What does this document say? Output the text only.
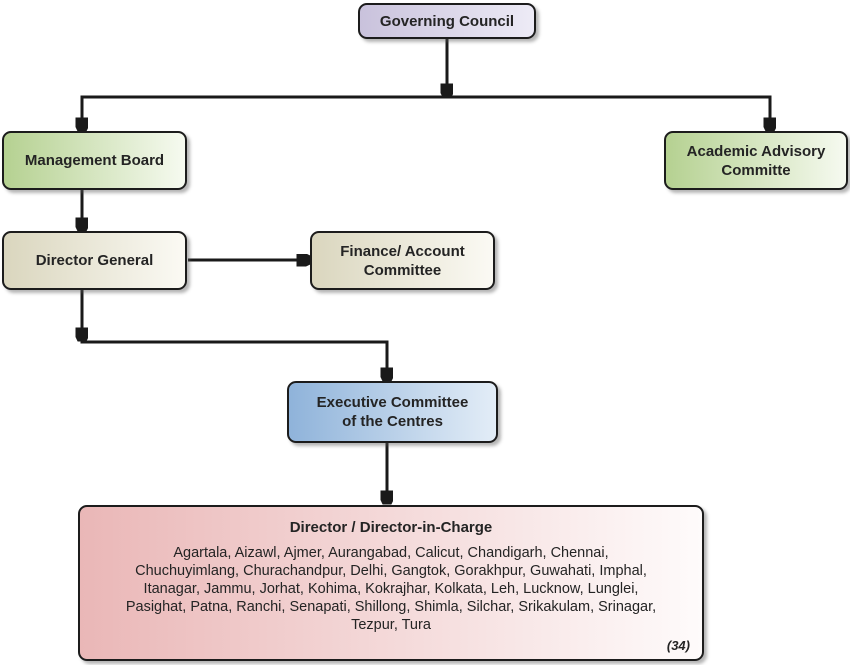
Governing Council
Management Board
Academic Advisory
Committe
Director General
Finance/ Account
Committee
Executive Committee
of the Centres
Director / Director-in-Charge
Agartala, Aizawl, Ajmer, Aurangabad, Calicut, Chandigarh, Chennai,
Chuchuyimlang, Churachandpur, Delhi, Gangtok, Gorakhpur, Guwahati, Imphal,
Itanagar, Jammu, Jorhat, Kohima, Kokrajhar, Kolkata, Leh, Lucknow, Lunglei,
Pasighat, Patna, Ranchi, Senapati, Shillong, Shimla, Silchar, Srikakulam, Srinagar,
Tezpur, Tura
(34)
